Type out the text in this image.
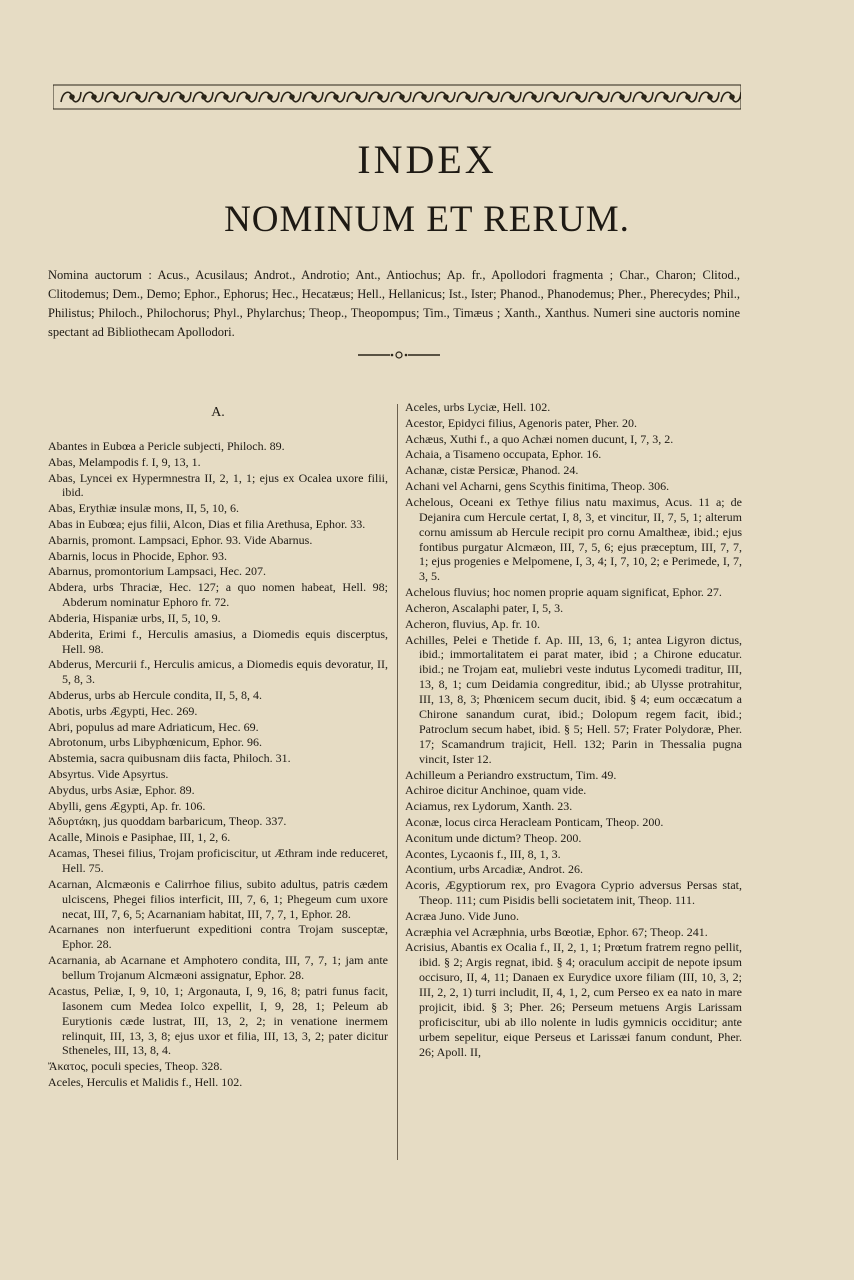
INDEX
NOMINUM ET RERUM.

Nomina auctorum : Acus., Acusilaus; Androt., Androtio; Ant., Antiochus; Ap. fr., Apollodori fragmenta ; Char., Charon; Clitod., Clitodemus; Dem., Demo; Ephor., Ephorus; Hec., Hecatæus; Hell., Hellanicus; Ist., Ister; Phanod., Phanodemus; Pher., Pherecydes; Phil., Philistus; Philoch., Philochorus; Phyl., Phylarchus; Theop., Theopompus; Tim., Timæus ; Xanth., Xanthus. Numeri sine auctoris nomine spectant ad Bibliothecam Apollodori.

A.

Abantes in Eubœa a Pericle subjecti, Philoch. 89.

Abas, Melampodis f. I, 9, 13, 1.

Abas, Lyncei ex Hypermnestra II, 2, 1, 1; ejus ex Ocalea uxore filii, ibid.

Abas, Erythiæ insulæ mons, II, 5, 10, 6.

Abas in Eubœa; ejus filii, Alcon, Dias et filia Arethusa, Ephor. 33.

Abarnis, promont. Lampsaci, Ephor. 93. Vide Abarnus.

Abarnis, locus in Phocide, Ephor. 93.

Abarnus, promontorium Lampsaci, Hec. 207.

Abdera, urbs Thraciæ, Hec. 127; a quo nomen habeat, Hell. 98; Abderum nominatur Ephoro fr. 72.

Abderia, Hispaniæ urbs, II, 5, 10, 9.

Abderita, Erimi f., Herculis amasius, a Diomedis equis discerptus, Hell. 98.

Abderus, Mercurii f., Herculis amicus, a Diomedis equis devoratur, II, 5, 8, 3.

Abderus, urbs ab Hercule condita, II, 5, 8, 4.

Abotis, urbs Ægypti, Hec. 269.

Abri, populus ad mare Adriaticum, Hec. 69.

Abrotonum, urbs Libyphœnicum, Ephor. 96.

Abstemia, sacra quibusnam diis facta, Philoch. 31.

Absyrtus. Vide Apsyrtus.

Abydus, urbs Asiæ, Ephor. 89.

Abylli, gens Ægypti, Ap. fr. 106.

Ἀδυρτάκη, jus quoddam barbaricum, Theop. 337.

Acalle, Minois e Pasiphae, III, 1, 2, 6.

Acamas, Thesei filius, Trojam proficiscitur, ut Æthram inde reduceret, Hell. 75.

Acarnan, Alcmæonis e Calirrhoe filius, subito adultus, patris cædem ulciscens, Phegei filios interficit, III, 7, 6, 1; Phegeum cum uxore necat, III, 7, 6, 5; Acarnaniam habitat, III, 7, 7, 1, Ephor. 28.

Acarnanes non interfuerunt expeditioni contra Trojam susceptæ, Ephor. 28.

Acarnania, ab Acarnane et Amphotero condita, III, 7, 7, 1; jam ante bellum Trojanum Alcmæoni assignatur, Ephor. 28.

Acastus, Peliæ, I, 9, 10, 1; Argonauta, I, 9, 16, 8; patri funus facit, Iasonem cum Medea Iolco expellit, I, 9, 28, 1; Peleum ab Eurytionis cæde lustrat, III, 13, 2, 2; in venatione inermem relinquit, III, 13, 3, 8; ejus uxor et filia, III, 13, 3, 2; pater dicitur Stheneles, III, 13, 8, 4.

Ἄκατος, poculi species, Theop. 328.

Aceles, Herculis et Malidis f., Hell. 102.

Aceles, urbs Lyciæ, Hell. 102.

Acestor, Epidyci filius, Agenoris pater, Pher. 20.

Achæus, Xuthi f., a quo Achæi nomen ducunt, I, 7, 3, 2.

Achaia, a Tisameno occupata, Ephor. 16.

Achanæ, cistæ Persicæ, Phanod. 24.

Achani vel Acharni, gens Scythis finitima, Theop. 306.

Achelous, Oceani ex Tethye filius natu maximus, Acus. 11 a; de Dejanira cum Hercule certat, I, 8, 3, et vincitur, II, 7, 5, 1; alterum cornu amissum ab Hercule recipit pro cornu Amaltheæ, ibid.; ejus fontibus purgatur Alcmæon, III, 7, 5, 6; ejus præceptum, III, 7, 7, 1; ejus progenies e Melpomene, I, 3, 4; I, 7, 10, 2; e Perimede, I, 7, 3, 5.

Achelous fluvius; hoc nomen proprie aquam significat, Ephor. 27.

Acheron, Ascalaphi pater, I, 5, 3.

Acheron, fluvius, Ap. fr. 10.

Achilles, Pelei e Thetide f. Ap. III, 13, 6, 1; antea Ligyron dictus, ibid.; immortalitatem ei parat mater, ibid ; a Chirone educatur. ibid.; ne Trojam eat, muliebri veste indutus Lycomedi traditur, III, 13, 8, 1; cum Deidamia congreditur, ibid.; ab Ulysse protrahitur, III, 13, 8, 3; Phœnicem secum ducit, ibid. § 4; eum occæcatum a Chirone sanandum curat, ibid.; Dolopum regem facit, ibid.; Patroclum secum habet, ibid. § 5; Hell. 57; Frater Polydoræ, Pher. 17; Scamandrum trajicit, Hell. 132; Parin in Thessalia pugna vincit, Ister 12.

Achilleum a Periandro exstructum, Tim. 49.

Achiroe dicitur Anchinoe, quam vide.

Aciamus, rex Lydorum, Xanth. 23.

Aconæ, locus circa Heracleam Ponticam, Theop. 200.

Aconitum unde dictum? Theop. 200.

Acontes, Lycaonis f., III, 8, 1, 3.

Acontium, urbs Arcadiæ, Androt. 26.

Acoris, Ægyptiorum rex, pro Evagora Cyprio adversus Persas stat, Theop. 111; cum Pisidis belli societatem init, Theop. 111.

Acræa Juno. Vide Juno.

Acræphia vel Acræphnia, urbs Bœotiæ, Ephor. 67; Theop. 241.

Acrisius, Abantis ex Ocalia f., II, 2, 1, 1; Prœtum fratrem regno pellit, ibid. § 2; Argis regnat, ibid. § 4; oraculum accipit de nepote ipsum occisuro, II, 4, 11; Danaen ex Eurydice uxore filiam (III, 10, 3, 2; III, 2, 2, 1) turri includit, II, 4, 1, 2, cum Perseo ex ea nato in mare projicit, ibid. § 3; Pher. 26; Perseum metuens Argis Larissam proficiscitur, ubi ab illo nolente in ludis gymnicis occiditur; ante urbem sepelitur, eique Perseus et Larissæi fanum condunt, Pher. 26; Apoll. II,
